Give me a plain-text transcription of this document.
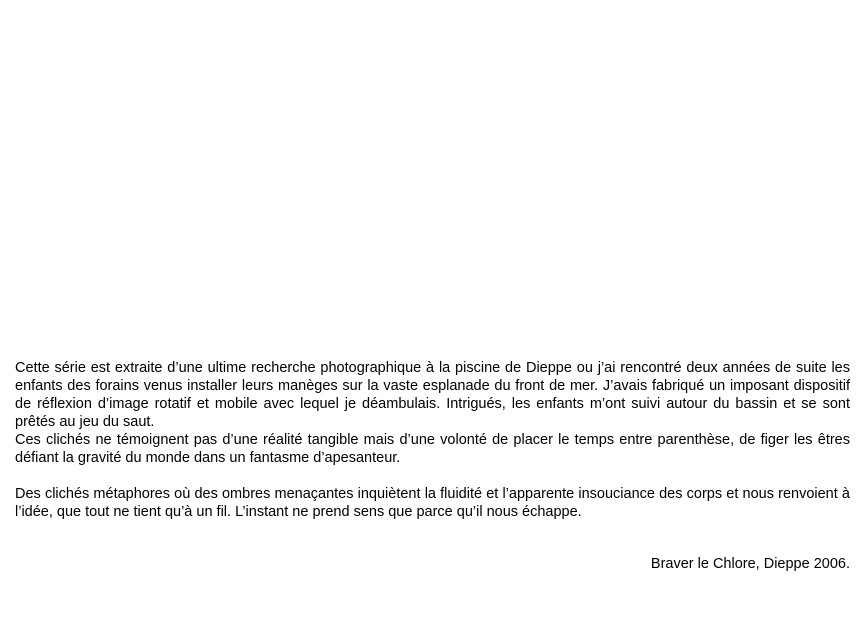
Cette série est extraite d’une ultime recherche photographique à la piscine de Dieppe ou j’ai rencontré deux années de suite les enfants des forains venus installer leurs manèges sur la vaste esplanade du front de mer. J’avais fabriqué un imposant dispositif de réflexion d’image rotatif et mobile avec lequel je déambulais. Intrigués, les enfants m’ont suivi autour du bassin et se sont prêtés au jeu du saut.

Ces clichés ne témoignent pas d’une réalité tangible mais d’une volonté de placer le temps entre parenthèse, de figer les êtres défiant la gravité du monde dans un fantasme d’apesanteur.

Des clichés métaphores où des ombres menaçantes inquiètent la fluidité et l’apparente insouciance des corps et nous renvoient à l’idée, que tout ne tient qu’à un fil. L’instant ne prend sens que parce qu’il nous échappe.

Braver le Chlore, Dieppe 2006.
